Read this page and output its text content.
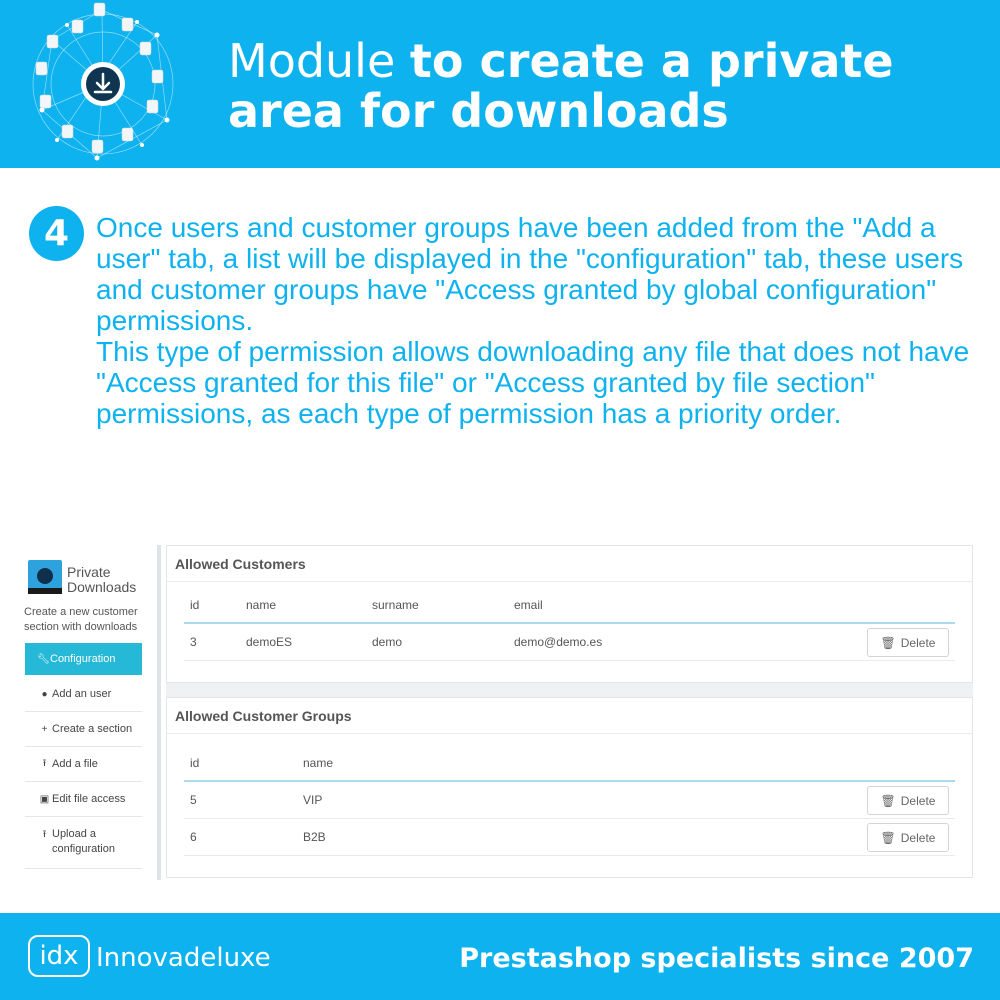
Module to create a private area for downloads
4 Once users and customer groups have been added from the "Add a user" tab, a list will be displayed in the "configuration" tab, these users and customer groups have "Access granted by global configuration" permissions.

This type of permission allows downloading any file that does not have "Access granted for this file" or "Access granted by file section" permissions, as each type of permission has a priority order.

Private Downloads
Create a new customer section with downloads
🔧︎ Configuration
● Add an user
+ Create a section
⭱ Add a file
▣ Edit file access
⭱ Upload a configuration
Allowed Customers
id	name	surname	email
3	demoES	demo	demo@demo.es	🗑︎ Delete
Allowed Customer Groups
id	name
5	VIP	🗑︎ Delete
6	B2B	🗑︎ Delete
idx Innovadeluxe	Prestashop specialists since 2007
